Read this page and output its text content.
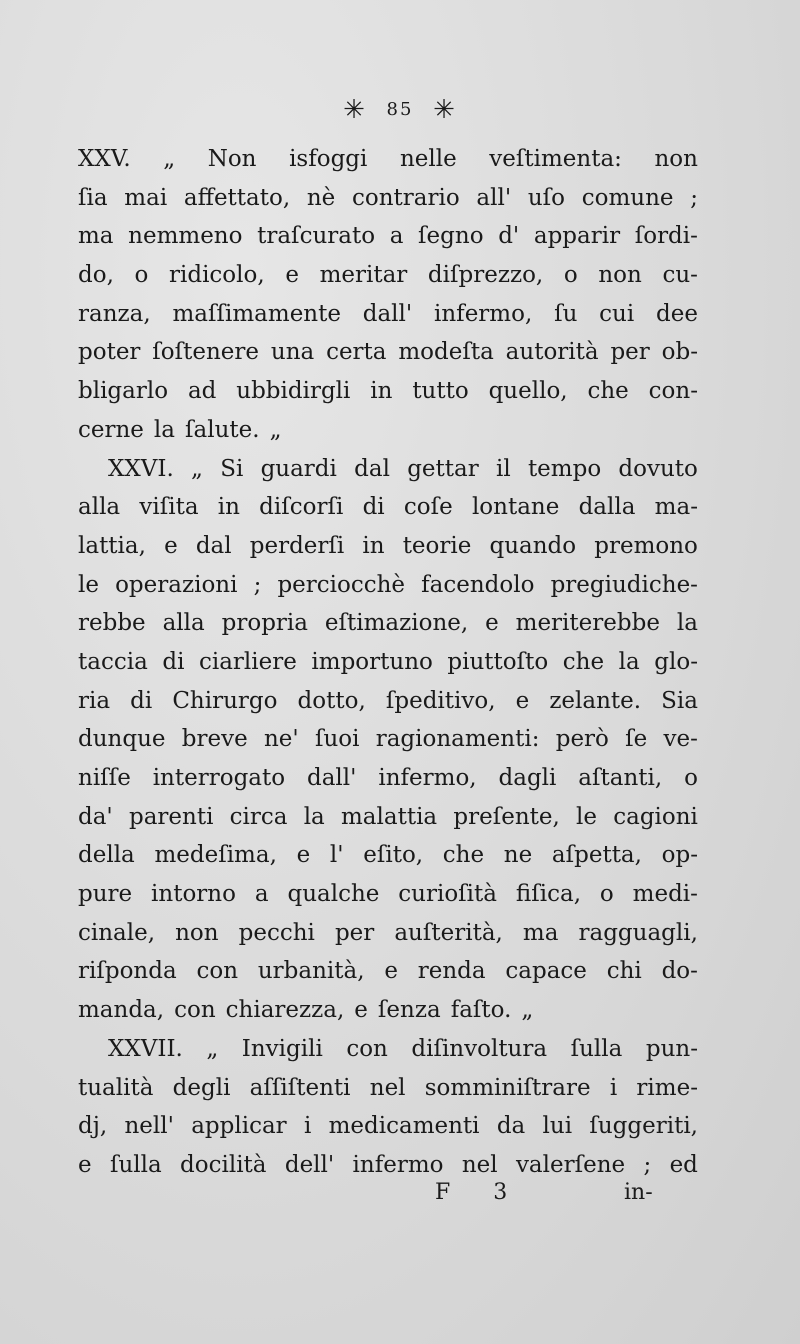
✳ 85 ✳
XXV. „ Non isfoggi nelle veſtimenta: non
ſia mai affettato, nè contrario all' uſo comune ;
ma nemmeno traſcurato a ſegno d' apparir ſordi-
do, o ridicolo, e meritar diſprezzo, o non cu-
ranza, maſſimamente dall' infermo, ſu cui dee
poter ſoſtenere una certa modeſta autorità per ob-
bligarlo ad ubbidirgli in tutto quello, che con-
cerne la ſalute. „
XXVI. „ Si guardi dal gettar il tempo dovuto
alla viſita in diſcorſi di coſe lontane dalla ma-
lattia, e dal perderſi in teorie quando premono
le operazioni ; perciocchè facendolo pregiudiche-
rebbe alla propria eſtimazione, e meriterebbe la
taccia di ciarliere importuno piuttoſto che la glo-
ria di Chirurgo dotto, ſpeditivo, e zelante. Sia
dunque breve ne' ſuoi ragionamenti: però ſe ve-
niſſe interrogato dall' infermo, dagli aſtanti, o
da' parenti circa la malattia preſente, le cagioni
della medeſima, e l' eſito, che ne aſpetta, op-
pure intorno a qualche curioſità fiſica, o medi-
cinale, non pecchi per auſterità, ma ragguagli,
riſponda con urbanità, e renda capace chi do-
manda, con chiarezza, e ſenza faſto. „
XXVII. „ Invigili con diſinvoltura ſulla pun-
tualità degli aſſiſtenti nel somminiſtrare i rime-
dj, nell' applicar i medicamenti da lui ſuggeriti,
e ſulla docilità dell' infermo nel valerſene ; ed
F 3	in-
